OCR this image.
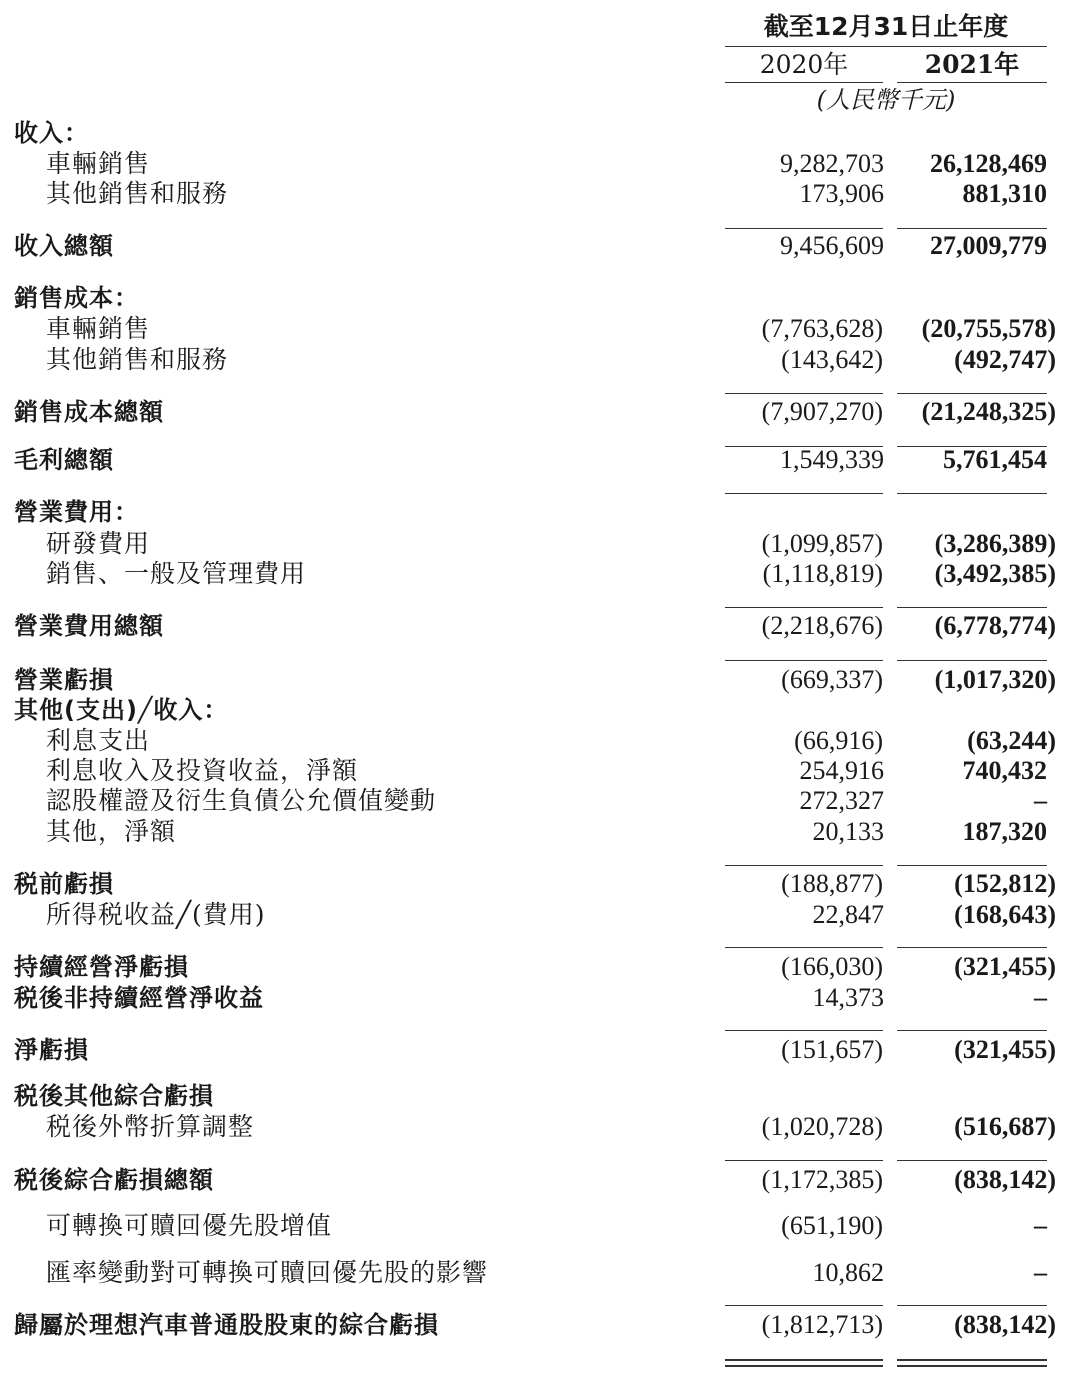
截至12月31日止年度
2020年	2021年
(人民幣千元)
收入：
車輛銷售	9,282,703 26,128,469
其他銷售和服務	173,906	881,310
收入總額	9,456,609 27,009,779
銷售成本：
車輛銷售	(7,763,628) (20,755,578)
其他銷售和服務	(143,642)	(492,747)
銷售成本總額	(7,907,270) (21,248,325)
毛利總額	1,549,339 5,761,454
營業費用：
研發費用	(1,099,857) (3,286,389)
銷售、一般及管理費用	(1,118,819) (3,492,385)
營業費用總額	(2,218,676) (6,778,774)
營業虧損	(669,337) (1,017,320)
其他(支出)╱收入：
利息支出	(66,916)	(63,244)
利息收入及投資收益，淨額	254,916	740,432
認股權證及衍生負債公允價值變動	272,327	–
其他，淨額	20,133	187,320
税前虧損	(188,877)	(152,812)
所得税收益╱(費用)	22,847	(168,643)
持續經營淨虧損	(166,030)	(321,455)
税後非持續經營淨收益	14,373	–
淨虧損	(151,657)	(321,455)
税後其他綜合虧損
税後外幣折算調整	(1,020,728)	(516,687)
税後綜合虧損總額	(1,172,385)	(838,142)
可轉換可贖回優先股增值	(651,190)	–
匯率變動對可轉換可贖回優先股的影響	10,862	–
歸屬於理想汽車普通股股東的綜合虧損	(1,812,713)	(838,142)
